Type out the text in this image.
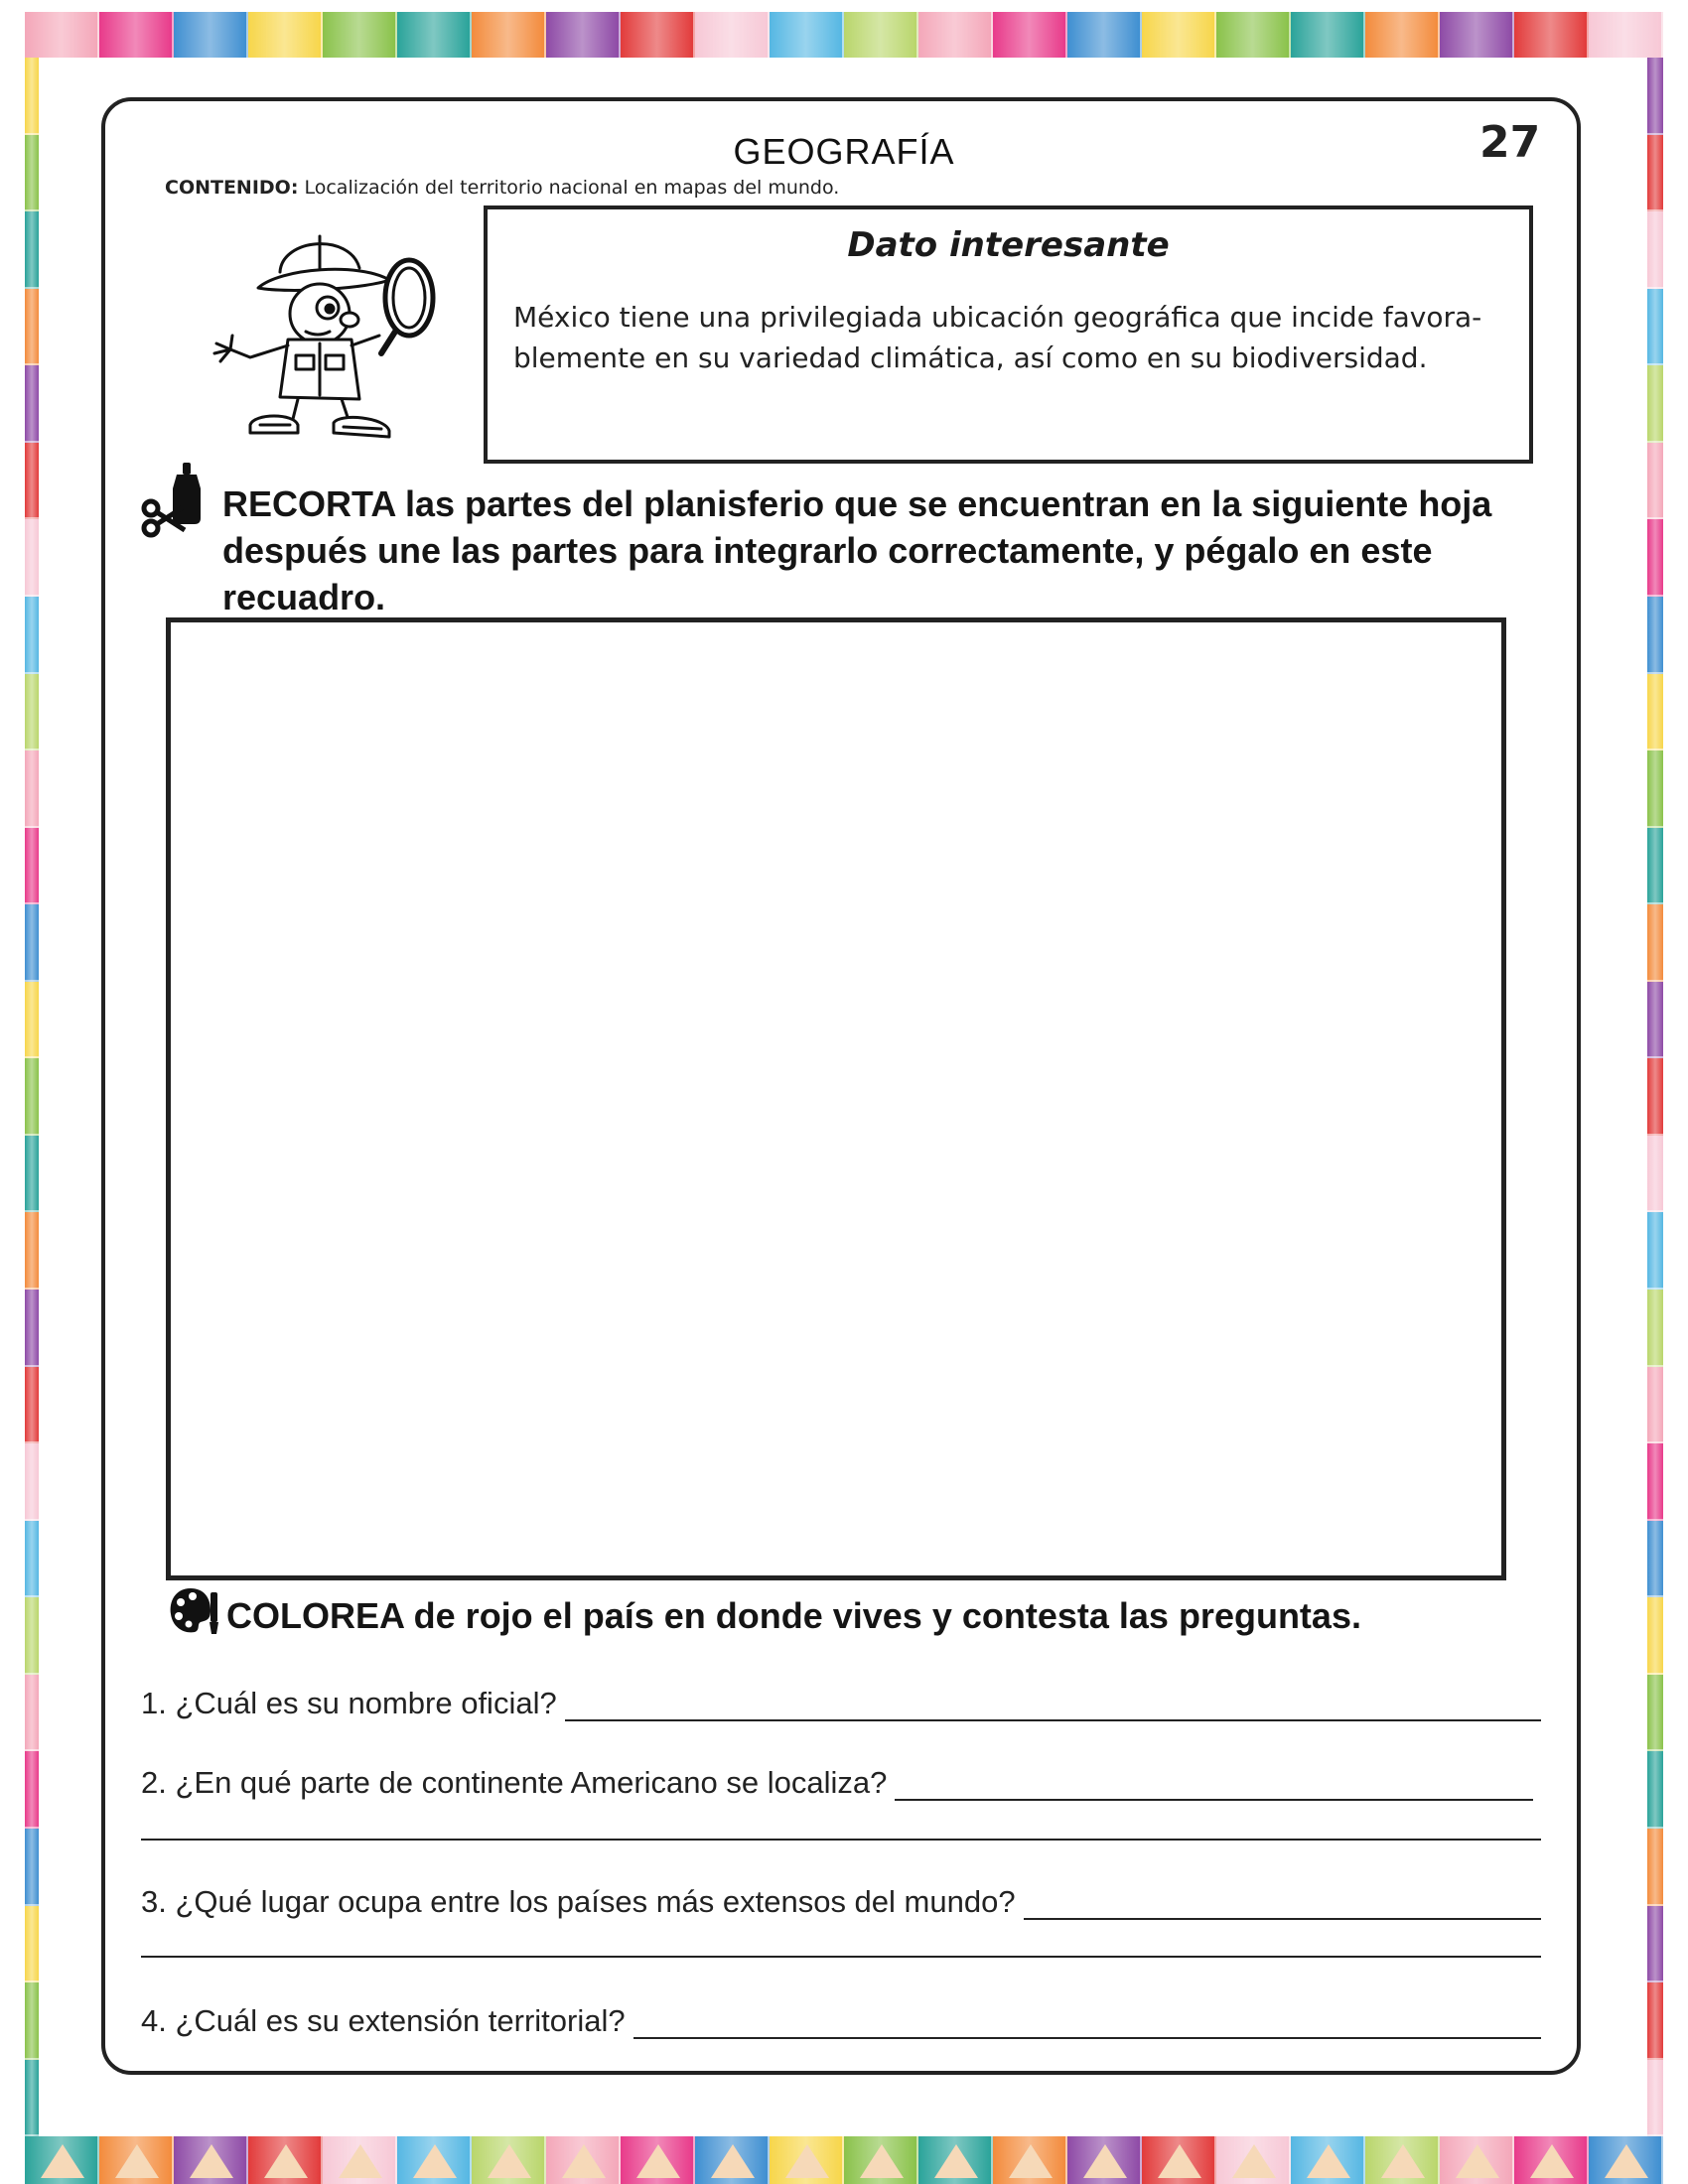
27
GEOGRAFÍA
CONTENIDO: Localización del territorio nacional en mapas del mundo.
Dato interesante
México tiene una privilegiada ubicación geográfica que incide favora-
blemente en su variedad climática, así como en su biodiversidad.
RECORTA las partes del planisferio que se encuentran en la siguiente hoja después une las partes para integrarlo correctamente, y pégalo en este recuadro.
COLOREA de rojo el país en donde vives y contesta las preguntas.
1. ¿Cuál es su nombre oficial?
2. ¿En qué parte de continente Americano se localiza?
3. ¿Qué lugar ocupa entre los países más extensos del mundo?
4. ¿Cuál es su extensión territorial?
